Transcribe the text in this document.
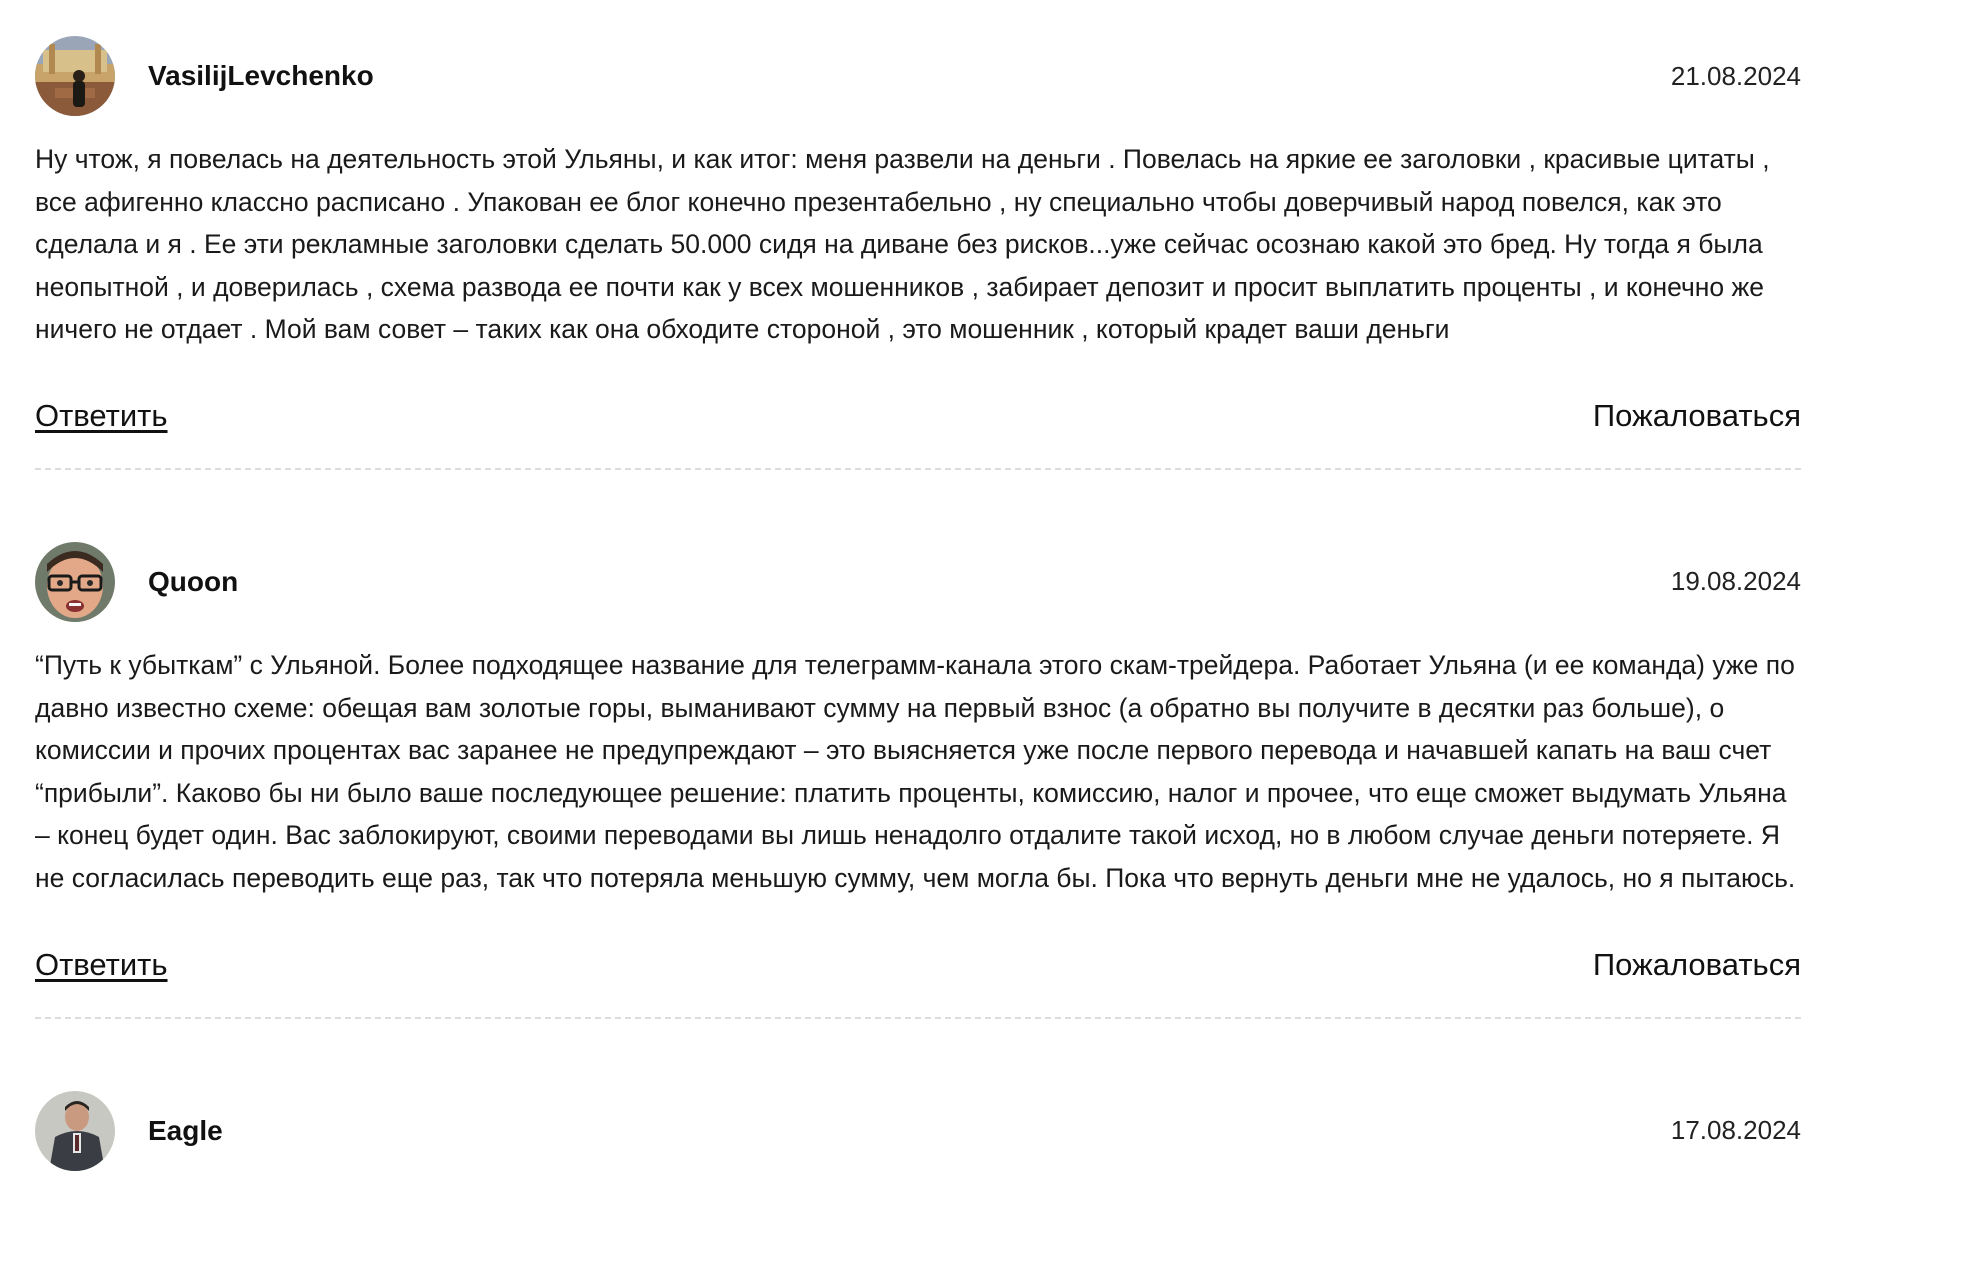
VasilijLevchenko	21.08.2024

Ну чтож, я повелась на деятельность этой Ульяны, и как итог: меня развели на деньги . Повелась на яркие ее заголовки , красивые цитаты , все афигенно классно расписано . Упакован ее блог конечно презентабельно , ну специально чтобы доверчивый народ повелся, как это сделала и я . Ее эти рекламные заголовки сделать 50.000 сидя на диване без рисков...уже сейчас осознаю какой это бред. Ну тогда я была неопытной , и доверилась , схема развода ее почти как у всех мошенников , забирает депозит и просит выплатить проценты , и конечно же ничего не отдает . Мой вам совет – таких как она обходите стороной , это мошенник , который крадет ваши деньги

Ответить	Пожаловаться
Quoon	19.08.2024

“Путь к убыткам” с Ульяной. Более подходящее название для телеграмм-канала этого скам-трейдера. Работает Ульяна (и ее команда) уже по давно известно схеме: обещая вам золотые горы, выманивают сумму на первый взнос (а обратно вы получите в десятки раз больше), о комиссии и прочих процентах вас заранее не предупреждают – это выясняется уже после первого перевода и начавшей капать на ваш счет “прибыли”. Каково бы ни было ваше последующее решение: платить проценты, комиссию, налог и прочее, что еще сможет выдумать Ульяна – конец будет один. Вас заблокируют, своими переводами вы лишь ненадолго отдалите такой исход, но в любом случае деньги потеряете. Я не согласилась переводить еще раз, так что потеряла меньшую сумму, чем могла бы. Пока что вернуть деньги мне не удалось, но я пытаюсь.

Ответить	Пожаловаться
Eagle	17.08.2024
